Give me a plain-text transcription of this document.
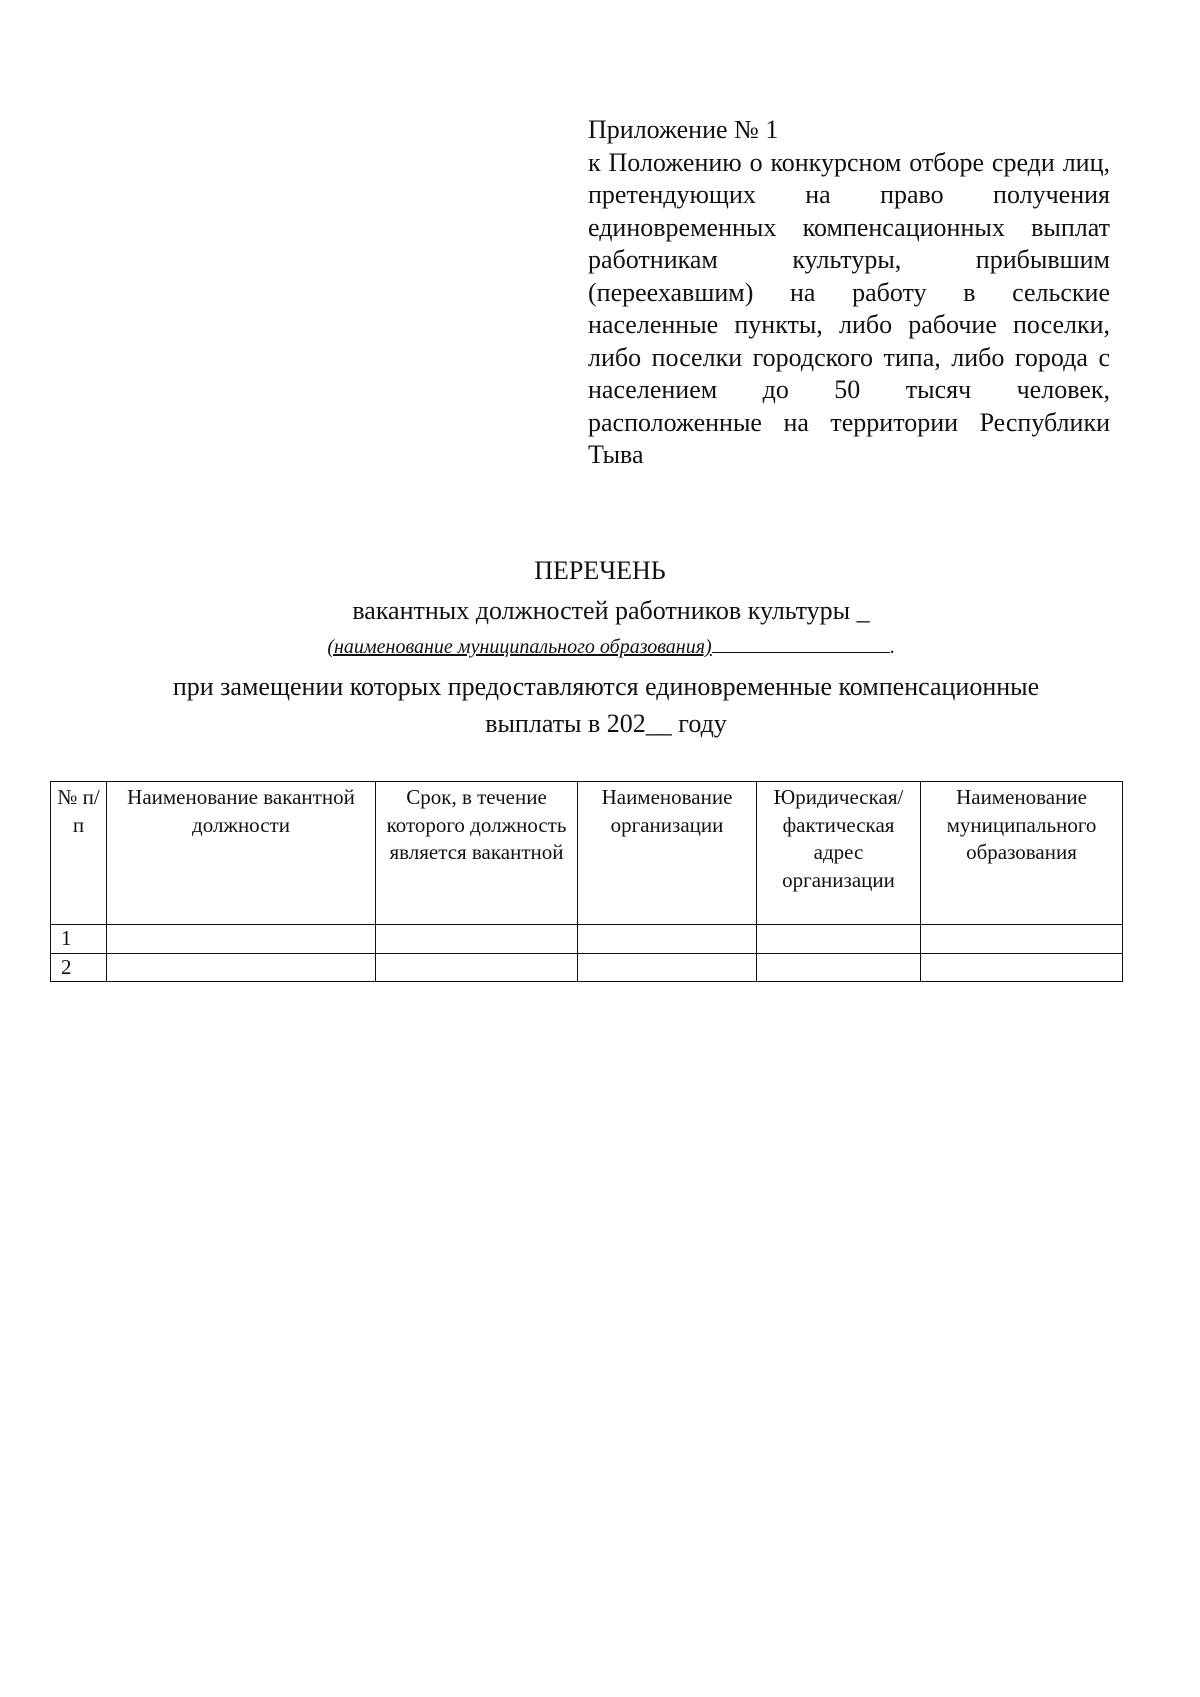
Приложение № 1
к Положению о конкурсном отборе среди лиц, претендующих на право получения единовременных компенсационных выплат работникам культуры, прибывшим (переехавшим) на работу в сельские населенные пункты, либо рабочие поселки, либо поселки городского типа, либо города с населением до 50 тысяч человек, расположенные на территории Республики Тыва
ПЕРЕЧЕНЬ
вакантных должностей работников культуры _
(наименование муниципального образования)	.
при замещении которых предоставляются единовременные компенсационные
выплаты в 202__ году
№ п/п	Наименование вакантной должности	Срок, в течение которого должность является вакантной	Наименование организации	Юридическая/фактическая адрес организации	Наименование муниципального образования
1					
2					
